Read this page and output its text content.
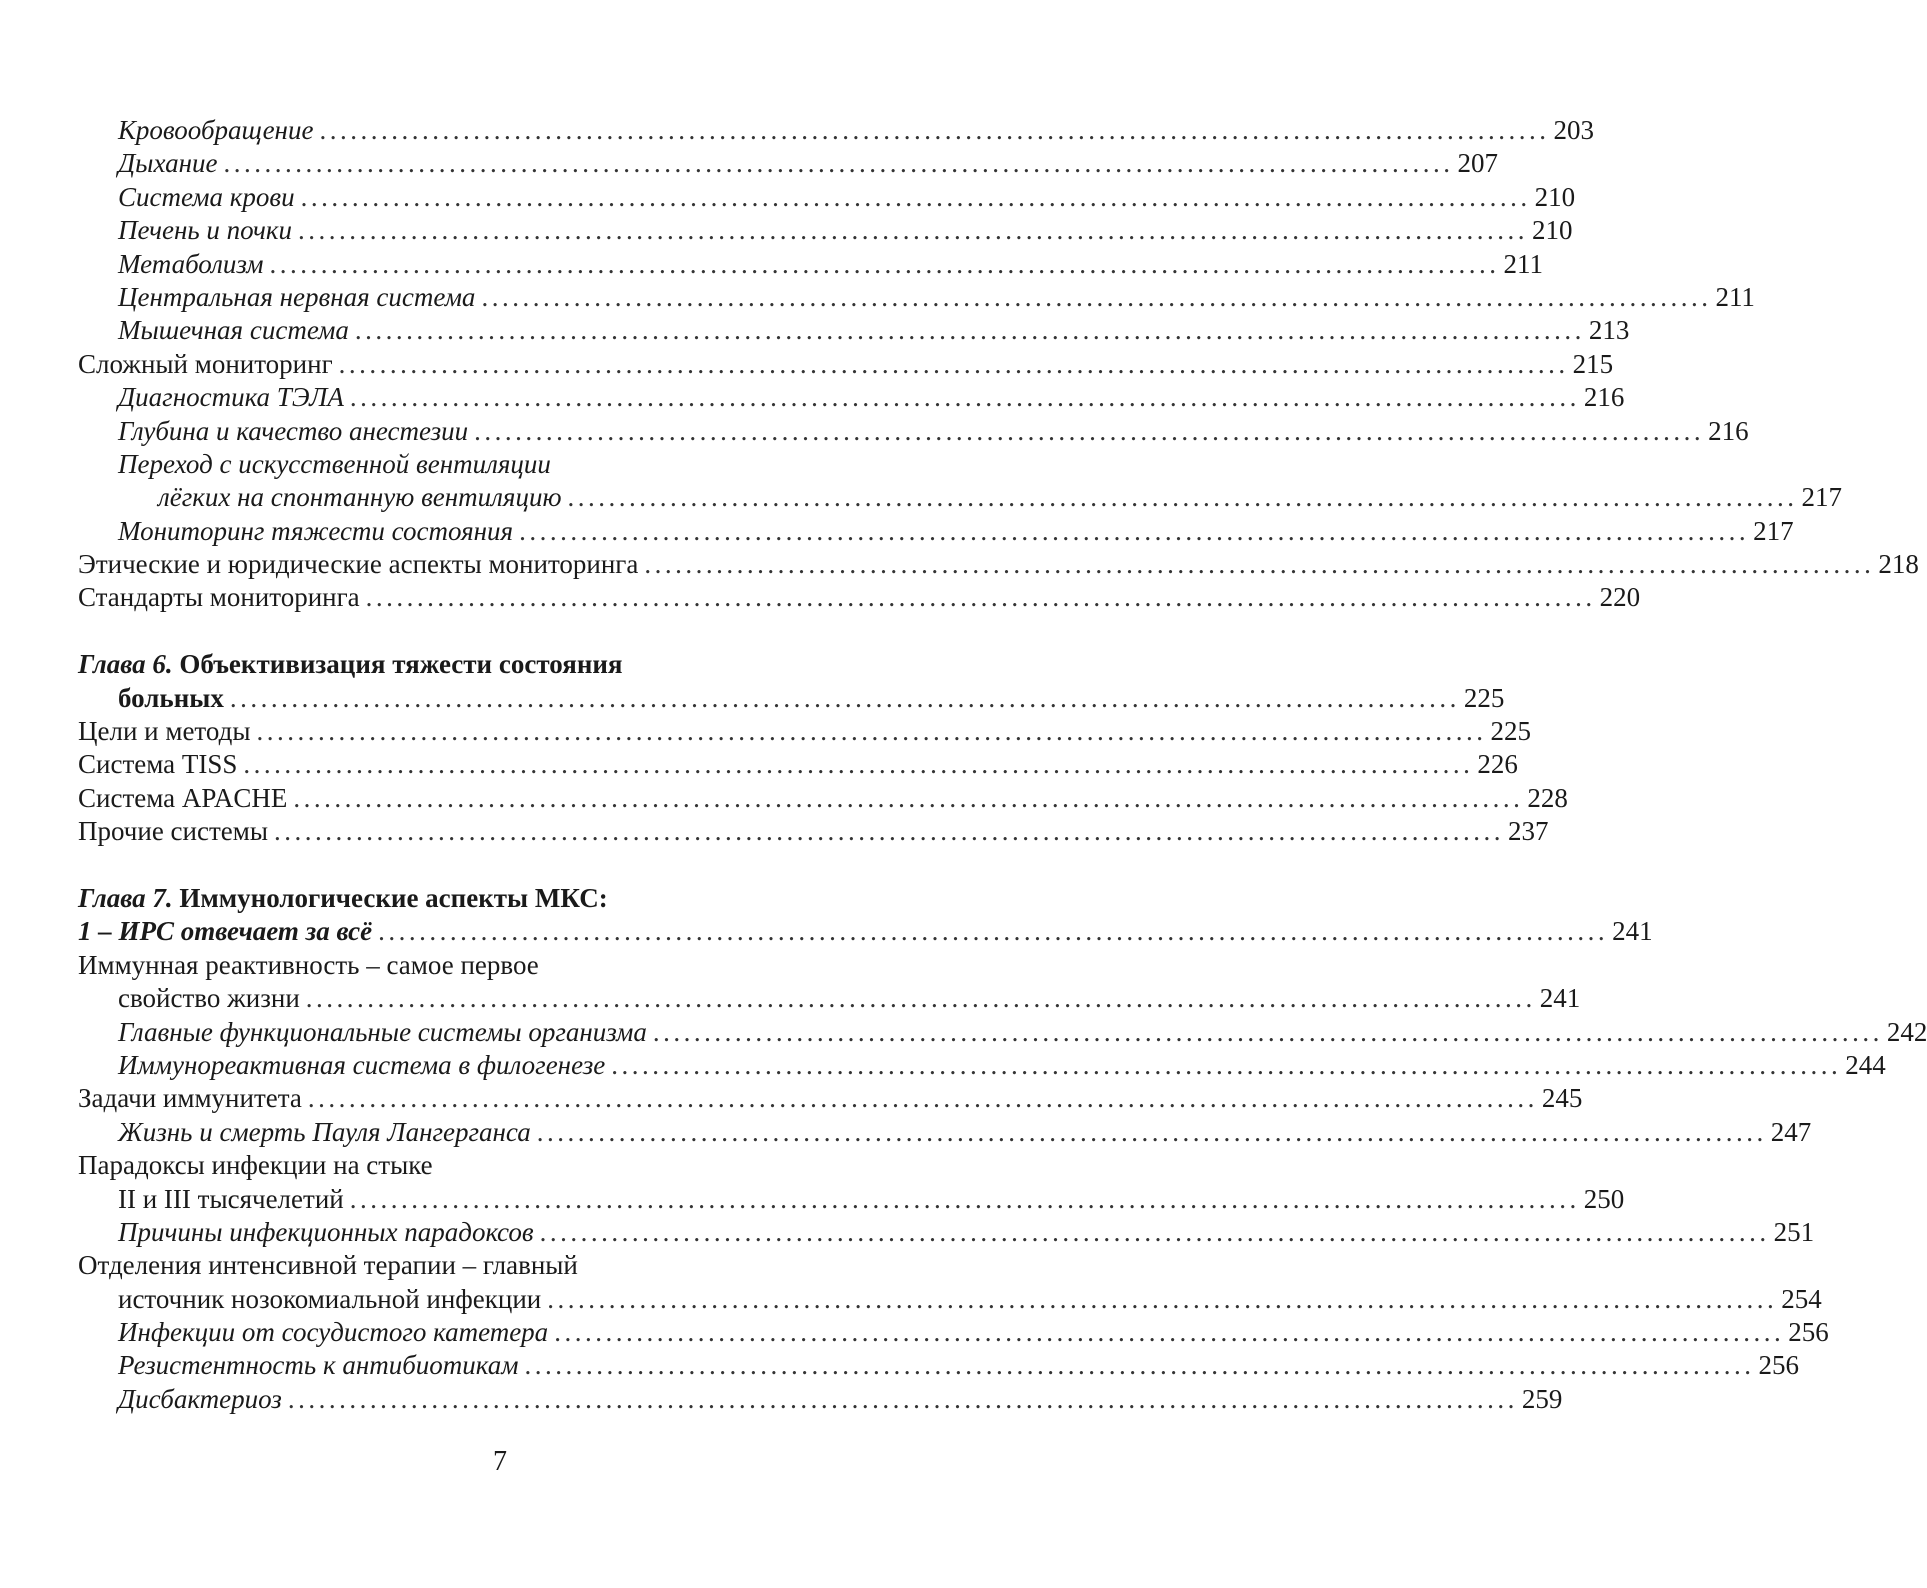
Кровообращение ........................................................................................................................ 203
Дыхание ........................................................................................................................ 207
Система крови ........................................................................................................................ 210
Печень и почки ........................................................................................................................ 210
Метаболизм ........................................................................................................................ 211
Центральная нервная система ........................................................................................................................ 211
Мышечная система ........................................................................................................................ 213
Сложный мониторинг ........................................................................................................................ 215
Диагностика ТЭЛА ........................................................................................................................ 216
Глубина и качество анестезии ........................................................................................................................ 216
Переход с искусственной вентиляции
лёгких на спонтанную вентиляцию ........................................................................................................................ 217
Мониторинг тяжести состояния ........................................................................................................................ 217
Этические и юридические аспекты мониторинга ........................................................................................................................ 218
Стандарты мониторинга ........................................................................................................................ 220
Глава 6. Объективизация тяжести состояния
больных ........................................................................................................................ 225
Цели и методы ........................................................................................................................ 225
Система TISS ........................................................................................................................ 226
Система APACHE ........................................................................................................................ 228
Прочие системы ........................................................................................................................ 237
Глава 7. Иммунологические аспекты МКС:
1 – ИРС отвечает за всё ........................................................................................................................ 241
Иммунная реактивность – самое первое
свойство жизни ........................................................................................................................ 241
Главные функциональные системы организма ........................................................................................................................ 242
Иммунореактивная система в филогенезе ........................................................................................................................ 244
Задачи иммунитета ........................................................................................................................ 245
Жизнь и смерть Пауля Лангерганса ........................................................................................................................ 247
Парадоксы инфекции на стыке
II и III тысячелетий ........................................................................................................................ 250
Причины инфекционных парадоксов ........................................................................................................................ 251
Отделения интенсивной терапии – главный
источник нозокомиальной инфекции ........................................................................................................................ 254
Инфекции от сосудистого катетера ........................................................................................................................ 256
Резистентность к антибиотикам ........................................................................................................................ 256
Дисбактериоз ........................................................................................................................ 259
7
